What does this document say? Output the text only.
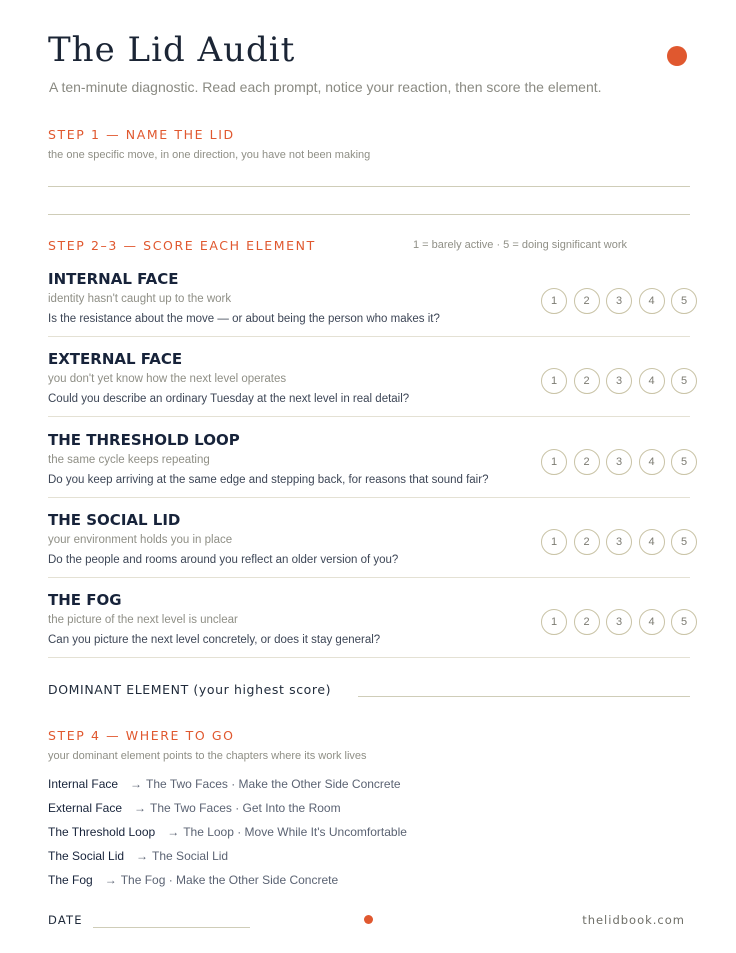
The Lid Audit
A ten-minute diagnostic. Read each prompt, notice your reaction, then score the element.
STEP 1 — NAME THE LID
the one specific move, in one direction, you have not been making
STEP 2–3 — SCORE EACH ELEMENT	1 = barely active · 5 = doing significant work
INTERNAL FACE
identity hasn't caught up to the work
Is the resistance about the move — or about being the person who makes it?
1	2	3	4	5
EXTERNAL FACE
you don't yet know how the next level operates
Could you describe an ordinary Tuesday at the next level in real detail?
1	2	3	4	5
THE THRESHOLD LOOP
the same cycle keeps repeating
Do you keep arriving at the same edge and stepping back, for reasons that sound fair?
1	2	3	4	5
THE SOCIAL LID
your environment holds you in place
Do the people and rooms around you reflect an older version of you?
1	2	3	4	5
THE FOG
the picture of the next level is unclear
Can you picture the next level concretely, or does it stay general?
1	2	3	4	5
DOMINANT ELEMENT (your highest score)
STEP 4 — WHERE TO GO
your dominant element points to the chapters where its work lives
Internal Face → The Two Faces · Make the Other Side Concrete
External Face → The Two Faces · Get Into the Room
The Threshold Loop → The Loop · Move While It's Uncomfortable
The Social Lid → The Social Lid
The Fog → The Fog · Make the Other Side Concrete
DATE	thelidbook.com
